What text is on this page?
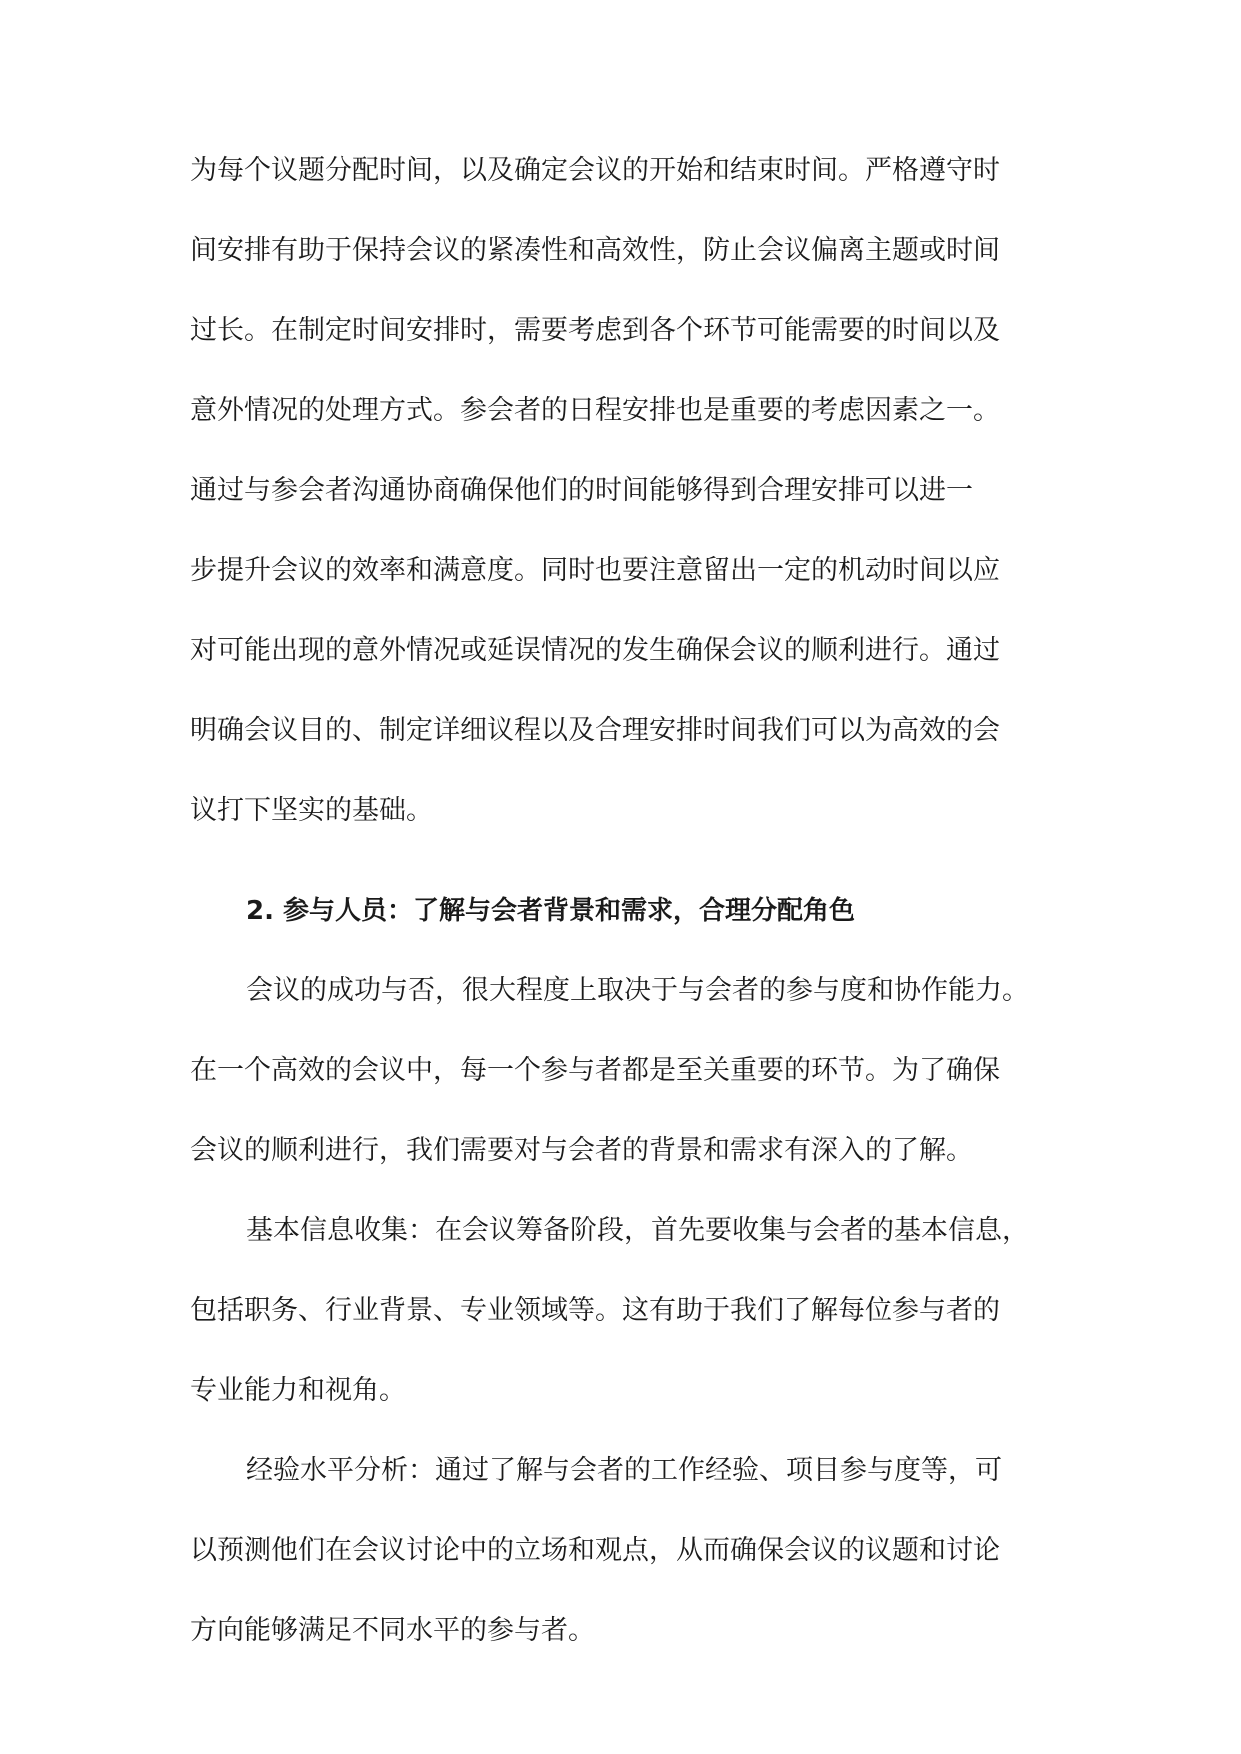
为每个议题分配时间，以及确定会议的开始和结束时间。严格遵守时
间安排有助于保持会议的紧凑性和高效性，防止会议偏离主题或时间
过长。在制定时间安排时，需要考虑到各个环节可能需要的时间以及
意外情况的处理方式。参会者的日程安排也是重要的考虑因素之一。
通过与参会者沟通协商确保他们的时间能够得到合理安排可以进一
步提升会议的效率和满意度。同时也要注意留出一定的机动时间以应
对可能出现的意外情况或延误情况的发生确保会议的顺利进行。通过
明确会议目的、制定详细议程以及合理安排时间我们可以为高效的会
议打下坚实的基础。
2. 参与人员：了解与会者背景和需求，合理分配角色
会议的成功与否，很大程度上取决于与会者的参与度和协作能力。
在一个高效的会议中，每一个参与者都是至关重要的环节。为了确保
会议的顺利进行，我们需要对与会者的背景和需求有深入的了解。
基本信息收集：在会议筹备阶段，首先要收集与会者的基本信息，
包括职务、行业背景、专业领域等。这有助于我们了解每位参与者的
专业能力和视角。
经验水平分析：通过了解与会者的工作经验、项目参与度等，可
以预测他们在会议讨论中的立场和观点，从而确保会议的议题和讨论
方向能够满足不同水平的参与者。
